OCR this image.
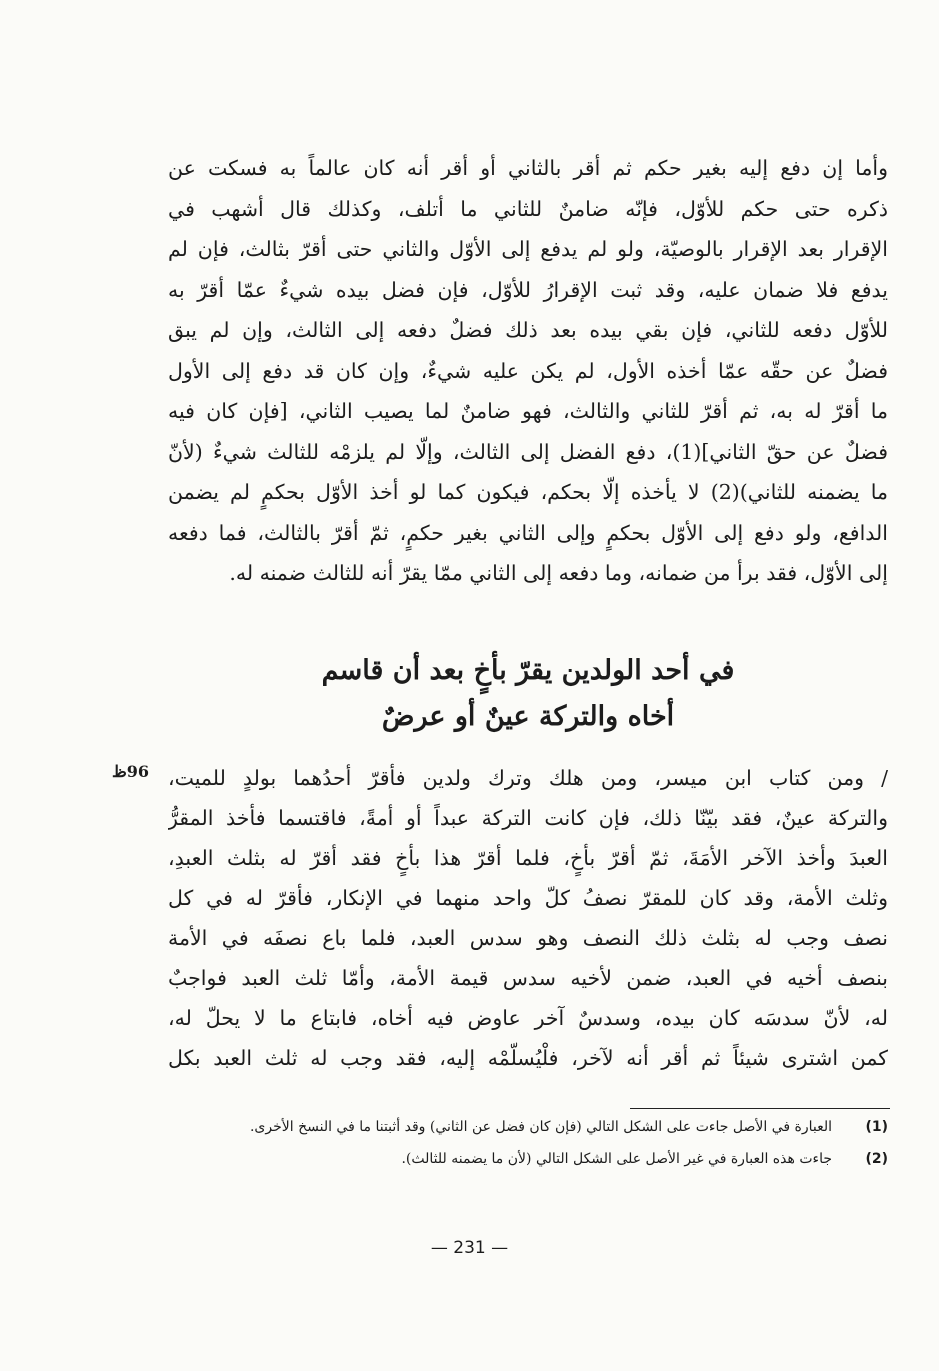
وأما إن دفع إليه بغير حكم ثم أقر بالثاني أو أقر أنه كان عالماً به فسكت عن
ذكره حتى حكم للأوّل، فإنّه ضامنٌ للثاني ما أتلف، وكذلك قال أشهب في
الإقرار بعد الإقرار بالوصيّة، ولو لم يدفع إلى الأوّل والثاني حتى أقرّ بثالث، فإن لم
يدفع فلا ضمان عليه، وقد ثبت الإقرارُ للأوّل، فإن فضل بيده شيءٌ عمّا أقرّ به
للأوّل دفعه للثاني، فإن بقي بيده بعد ذلك فضلٌ دفعه إلى الثالث، وإن لم يبق
فضلٌ عن حقّه عمّا أخذه الأول، لم يكن عليه شيءٌ، وإن كان قد دفع إلى الأول
ما أقرّ له به، ثم أقرّ للثاني والثالث، فهو ضامنٌ لما يصيب الثاني، [فإن كان فيه
فضلٌ عن حقّ الثاني](1)، دفع الفضل إلى الثالث، وإلّا لم يلزمْه للثالث شيءٌ (لأنّ
ما يضمنه للثاني)(2) لا يأخذه إلّا بحكم، فيكون كما لو أخذ الأوّل بحكمٍ لم يضمن
الدافع، ولو دفع إلى الأوّل بحكمٍ وإلى الثاني بغير حكمٍ، ثمّ أقرّ بالثالث، فما دفعه
إلى الأوّل، فقد برأ من ضمانه، وما دفعه إلى الثاني ممّا يقرّ أنه للثالث ضمنه له.
في أحد الولدين يقرّ بأخٍ بعد أن قاسم
أخاه والتركة عينٌ أو عرضٌ
96ظ / ومن كتاب ابن ميسر، ومن هلك وترك ولدين فأقرّ أحدُهما بولدٍ للميت،
والتركة عينٌ، فقد بيّنّا ذلك، فإن كانت التركة عبداً أو أمةً، فاقتسما فأخذ المقرُّ
العبدَ وأخذ الآخر الأمَةَ، ثمّ أقرّ بأخٍ، فلما أقرّ هذا بأخٍ فقد أقرّ له بثلث العبدِ،
وثلث الأمة، وقد كان للمقرّ نصفُ كلّ واحد منهما في الإنكار، فأقرّ له في كل
نصف وجب له بثلث ذلك النصف وهو سدس العبد، فلما باع نصفَه في الأمة
بنصف أخيه في العبد، ضمن لأخيه سدس قيمة الأمة، وأمّا ثلث العبد فواجبٌ
له، لأنّ سدسَه كان بيده، وسدسٌ آخر عاوض فيه أخاه، فابتاع ما لا يحلّ له،
كمن اشترى شيئاً ثم أقر أنه لآخر، فلْيُسلّمْه إليه، فقد وجب له ثلث العبد بكل
(1)
العبارة في الأصل جاءت على الشكل التالي (فإن كان فضل عن الثاني) وقد أثبتنا ما في النسخ الأخرى.
(2)
جاءت هذه العبارة في غير الأصل على الشكل التالي (لأن ما يضمنه للثالث).
— 231 —
